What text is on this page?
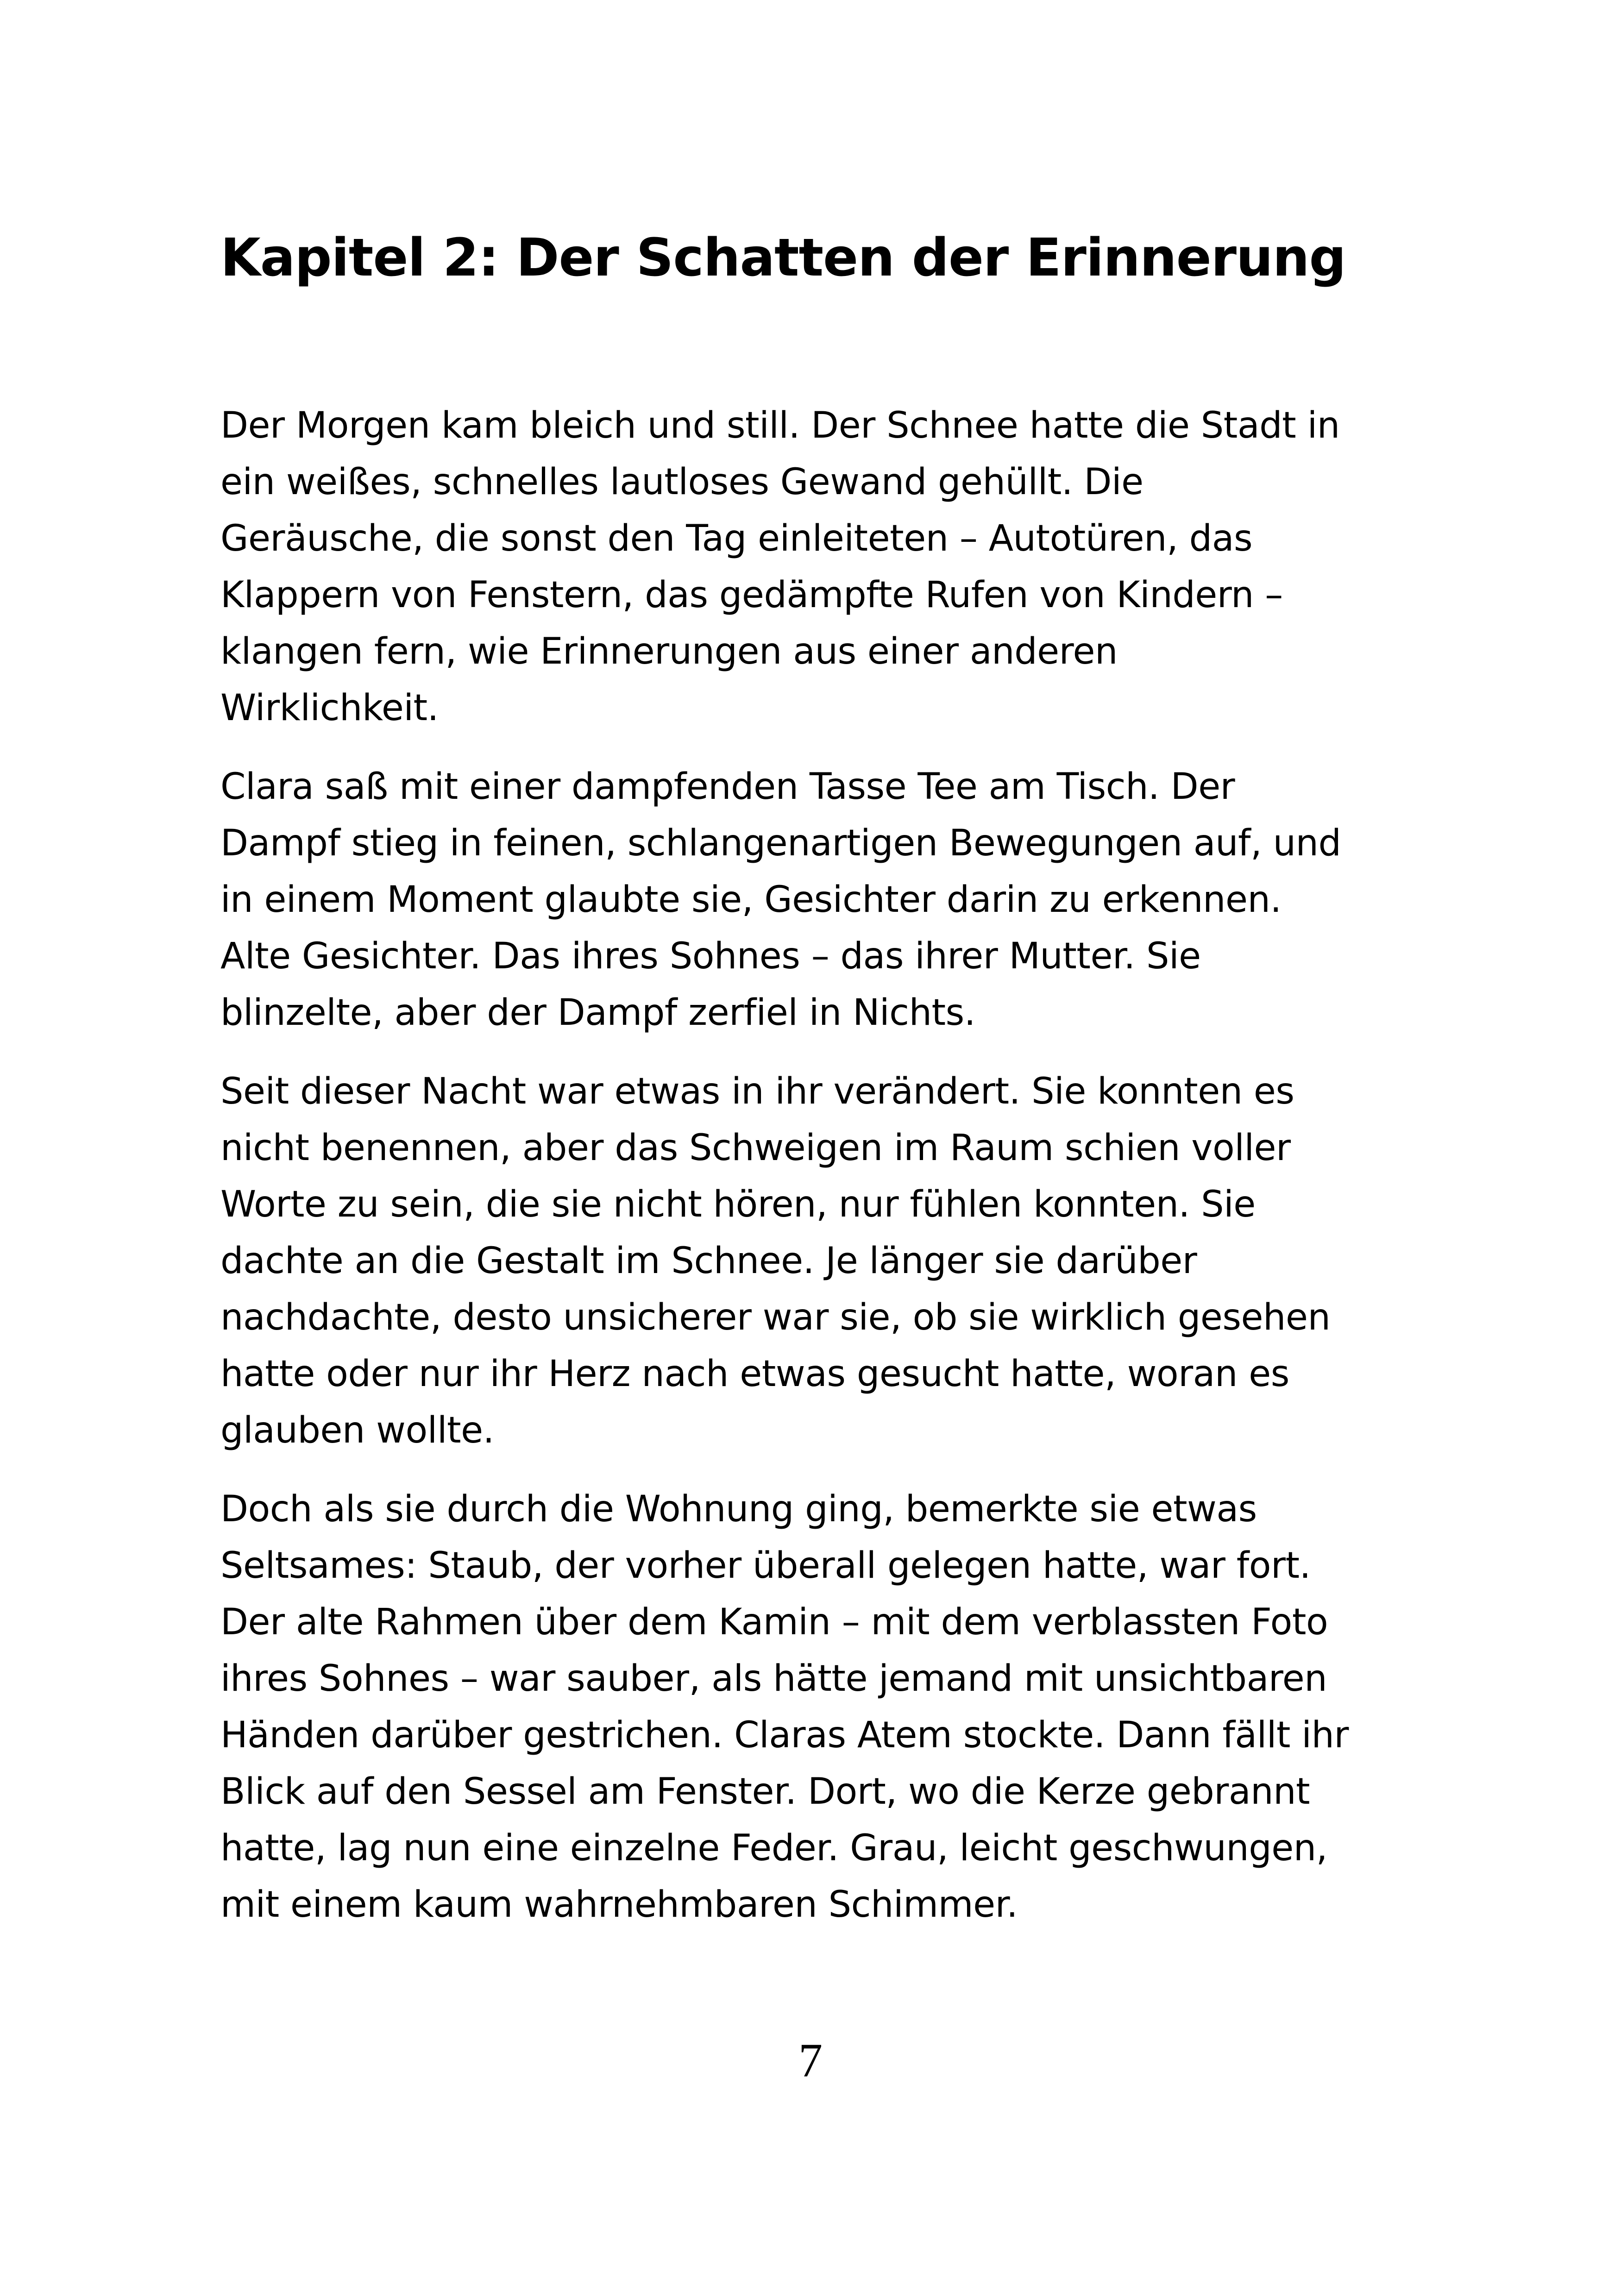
Kapitel 2: Der Schatten der Erinnerung

Der Morgen kam bleich und still. Der Schnee hatte die Stadt in
ein weißes, schnelles lautloses Gewand gehüllt. Die
Geräusche, die sonst den Tag einleiteten – Autotüren, das
Klappern von Fenstern, das gedämpfte Rufen von Kindern –
klangen fern, wie Erinnerungen aus einer anderen
Wirklichkeit.

Clara saß mit einer dampfenden Tasse Tee am Tisch. Der
Dampf stieg in feinen, schlangenartigen Bewegungen auf, und
in einem Moment glaubte sie, Gesichter darin zu erkennen.
Alte Gesichter. Das ihres Sohnes – das ihrer Mutter. Sie
blinzelte, aber der Dampf zerfiel in Nichts.

Seit dieser Nacht war etwas in ihr verändert. Sie konnten es
nicht benennen, aber das Schweigen im Raum schien voller
Worte zu sein, die sie nicht hören, nur fühlen konnten. Sie
dachte an die Gestalt im Schnee. Je länger sie darüber
nachdachte, desto unsicherer war sie, ob sie wirklich gesehen
hatte oder nur ihr Herz nach etwas gesucht hatte, woran es
glauben wollte.

Doch als sie durch die Wohnung ging, bemerkte sie etwas
Seltsames: Staub, der vorher überall gelegen hatte, war fort.
Der alte Rahmen über dem Kamin – mit dem verblassten Foto
ihres Sohnes – war sauber, als hätte jemand mit unsichtbaren
Händen darüber gestrichen. Claras Atem stockte. Dann fällt ihr
Blick auf den Sessel am Fenster. Dort, wo die Kerze gebrannt
hatte, lag nun eine einzelne Feder. Grau, leicht geschwungen,
mit einem kaum wahrnehmbaren Schimmer.

7
